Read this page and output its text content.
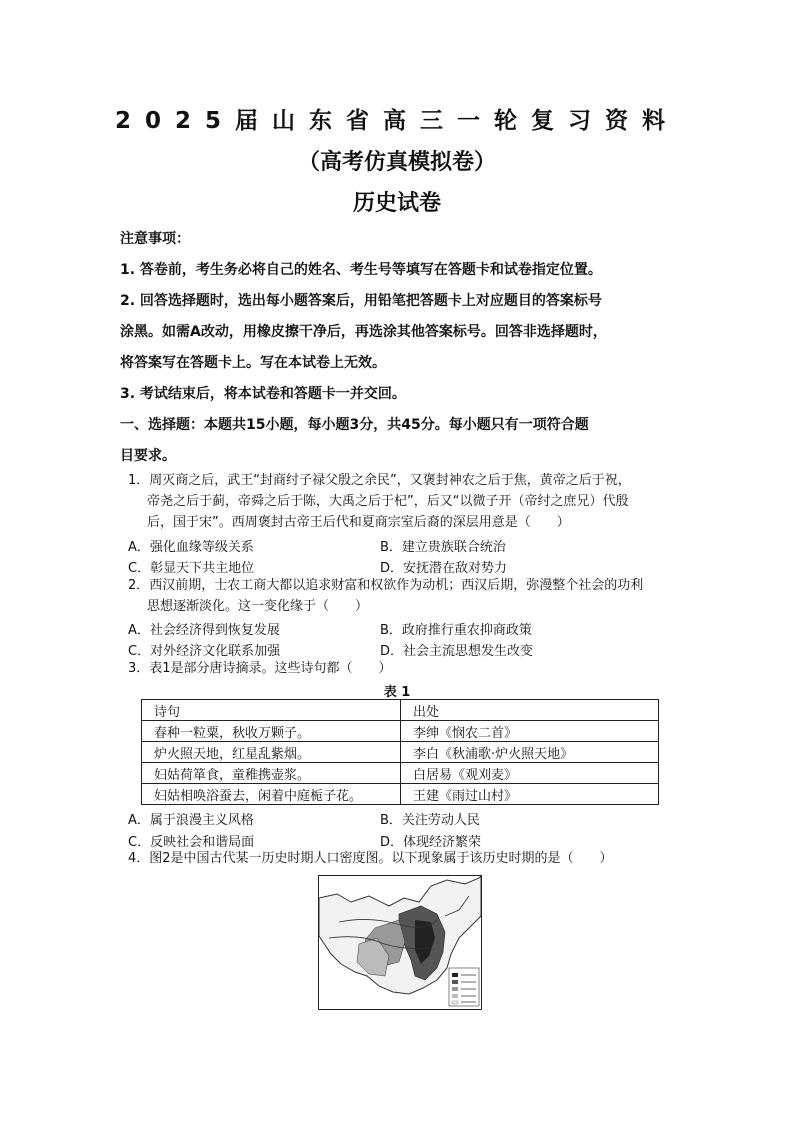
2025届山东省高三一轮复习资料
（高考仿真模拟卷）
历史试卷
注意事项：
1. 答卷前，考生务必将自己的姓名、考生号等填写在答题卡和试卷指定位置。
2. 回答选择题时，选出每小题答案后，用铅笔把答题卡上对应题目的答案标号
涂黑。如需A改动，用橡皮擦干净后，再选涂其他答案标号。回答非选择题时，
将答案写在答题卡上。写在本试卷上无效。
3. 考试结束后，将本试卷和答题卡一并交回。
一、选择题：本题共15小题，每小题3分，共45分。每小题只有一项符合题
目要求。
1．周灭商之后，武王“封商纣子禄父殷之余民”，又褒封神农之后于焦，黄帝之后于祝，
帝尧之后于蓟，帝舜之后于陈，大禹之后于杞”，后又“以微子开（帝纣之庶兄）代殷
后，国于宋”。西周褒封古帝王后代和夏商宗室后裔的深层用意是（　　）
A．强化血缘等级关系	B．建立贵族联合统治
C．彰显天下共主地位	D．安抚潜在敌对势力
2．西汉前期，士农工商大都以追求财富和权欲作为动机；西汉后期，弥漫整个社会的功利
思想逐渐淡化。这一变化缘于（　　）
A．社会经济得到恢复发展	B．政府推行重农抑商政策
C．对外经济文化联系加强	D．社会主流思想发生改变
3．表1是部分唐诗摘录。这些诗句都（　　）
表 1
诗句	出处
春种一粒粟，秋收万颗子。	李绅《悯农二首》
炉火照天地，红星乱紫烟。	李白《秋浦歌·炉火照天地》
妇姑荷箪食，童稚携壶浆。	白居易《观刈麦》
妇姑相唤浴蚕去，闲着中庭栀子花。	王建《雨过山村》
A．属于浪漫主义风格	B．关注劳动人民
C．反映社会和谐局面	D．体现经济繁荣
4．图2是中国古代某一历史时期人口密度图。以下现象属于该历史时期的是（　　）
